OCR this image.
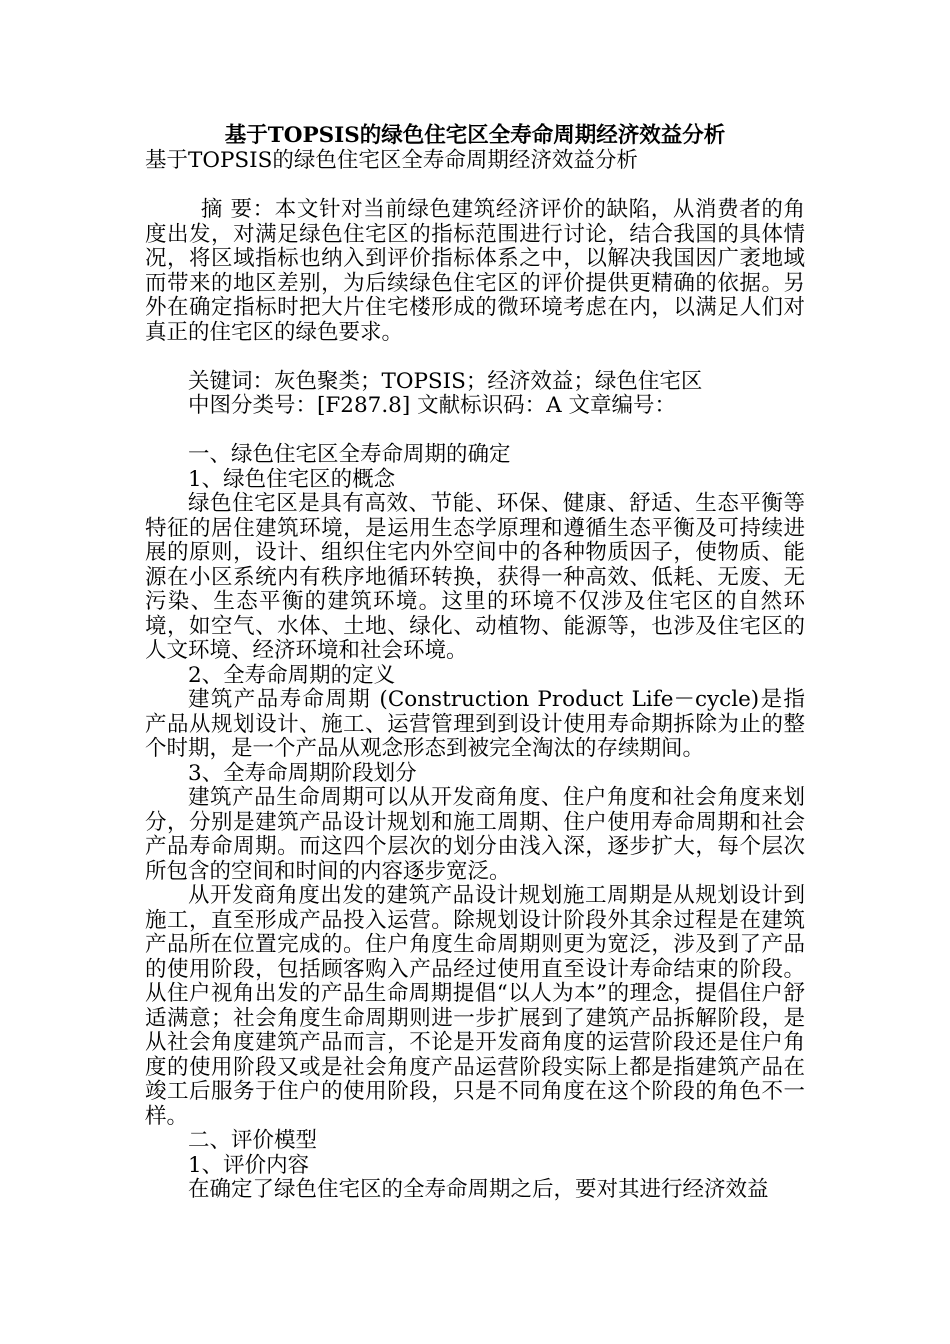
基于TOPSIS的绿色住宅区全寿命周期经济效益分析

基于TOPSIS的绿色住宅区全寿命周期经济效益分析

摘 要：本文针对当前绿色建筑经济评价的缺陷，从消费者的角度出发，对满足绿色住宅区的指标范围进行讨论，结合我国的具体情况，将区域指标也纳入到评价指标体系之中，以解决我国因广袤地域而带来的地区差别，为后续绿色住宅区的评价提供更精确的依据。另外在确定指标时把大片住宅楼形成的微环境考虑在内，以满足人们对真正的住宅区的绿色要求。

关键词：灰色聚类；TOPSIS；经济效益；绿色住宅区

中图分类号：[F287.8] 文献标识码：A 文章编号：

一、绿色住宅区全寿命周期的确定

1、绿色住宅区的概念

绿色住宅区是具有高效、节能、环保、健康、舒适、生态平衡等特征的居住建筑环境，是运用生态学原理和遵循生态平衡及可持续进展的原则，设计、组织住宅内外空间中的各种物质因子，使物质、能源在小区系统内有秩序地循环转换，获得一种高效、低耗、无废、无污染、生态平衡的建筑环境。这里的环境不仅涉及住宅区的自然环境，如空气、水体、土地、绿化、动植物、能源等，也涉及住宅区的人文环境、经济环境和社会环境。

2、全寿命周期的定义

建筑产品寿命周期 (Construction Product Life－cycle)是指产品从规划设计、施工、运营管理到到设计使用寿命期拆除为止的整个时期，是一个产品从观念形态到被完全淘汰的存续期间。

3、全寿命周期阶段划分

建筑产品生命周期可以从开发商角度、住户角度和社会角度来划分，分别是建筑产品设计规划和施工周期、住户使用寿命周期和社会产品寿命周期。而这四个层次的划分由浅入深，逐步扩大，每个层次所包含的空间和时间的内容逐步宽泛。

从开发商角度出发的建筑产品设计规划施工周期是从规划设计到施工，直至形成产品投入运营。除规划设计阶段外其余过程是在建筑产品所在位置完成的。住户角度生命周期则更为宽泛，涉及到了产品的使用阶段，包括顾客购入产品经过使用直至设计寿命结束的阶段。从住户视角出发的产品生命周期提倡“以人为本”的理念，提倡住户舒适满意；社会角度生命周期则进一步扩展到了建筑产品拆解阶段，是从社会角度建筑产品而言，不论是开发商角度的运营阶段还是住户角度的使用阶段又或是社会角度产品运营阶段实际上都是指建筑产品在竣工后服务于住户的使用阶段，只是不同角度在这个阶段的角色不一样。

二、评价模型

1、评价内容

在确定了绿色住宅区的全寿命周期之后，要对其进行经济效益
